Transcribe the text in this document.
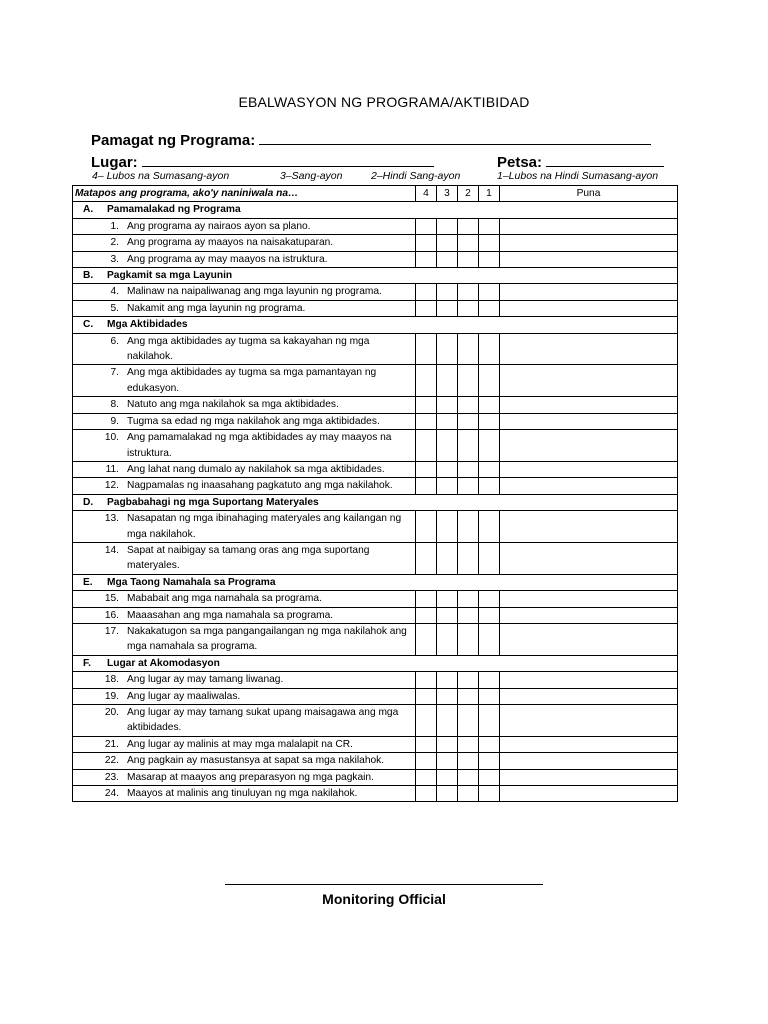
EBALWASYON NG PROGRAMA/AKTIBIDAD
Pamagat ng Programa:
Lugar:	Petsa:
4– Lubos na Sumasang-ayon	3–Sang-ayon	2–Hindi Sang-ayon	1–Lubos na Hindi Sumasang-ayon
Matapos ang programa, ako'y naniniwala na…	4	3	2	1	Puna
A. Pamamalakad ng Programa					
1. Ang programa ay nairaos ayon sa plano.					
2. Ang programa ay maayos na naisakatuparan.					
3. Ang programa ay may maayos na istruktura.					
B. Pagkamit sa mga Layunin					
4. Malinaw na naipaliwanag ang mga layunin ng programa.					
5. Nakamit ang mga layunin ng programa.					
C. Mga Aktibidades					
6. Ang mga aktibidades ay tugma sa kakayahan ng mga nakilahok.					
7. Ang mga aktibidades ay tugma sa mga pamantayan ng edukasyon.					
8. Natuto ang mga nakilahok sa mga aktibidades.					
9. Tugma sa edad ng mga nakilahok ang mga aktibidades.					
10. Ang pamamalakad ng mga aktibidades ay may maayos na istruktura.					
11. Ang lahat nang dumalo ay nakilahok sa mga aktibidades.					
12. Nagpamalas ng inaasahang pagkatuto ang mga nakilahok.					
D. Pagbabahagi ng mga Suportang Materyales					
13. Nasapatan ng mga ibinahaging materyales ang kailangan ng mga nakilahok.					
14. Sapat at naibigay sa tamang oras ang mga suportang materyales.					
E. Mga Taong Namahala sa Programa					
15. Mababait ang mga namahala sa programa.					
16. Maaasahan ang mga namahala sa programa.					
17. Nakakatugon sa mga pangangailangan ng mga nakilahok ang mga namahala sa programa.					
F. Lugar at Akomodasyon					
18. Ang lugar ay may tamang liwanag.					
19. Ang lugar ay maaliwalas.					
20. Ang lugar ay may tamang sukat upang maisagawa ang mga aktibidades.					
21. Ang lugar ay malinis at may mga malalapit na CR.					
22. Ang pagkain ay masustansya at sapat sa mga nakilahok.					
23. Masarap at maayos ang preparasyon ng mga pagkain.					
24. Maayos at malinis ang tinuluyan ng mga nakilahok.					
Monitoring Official
